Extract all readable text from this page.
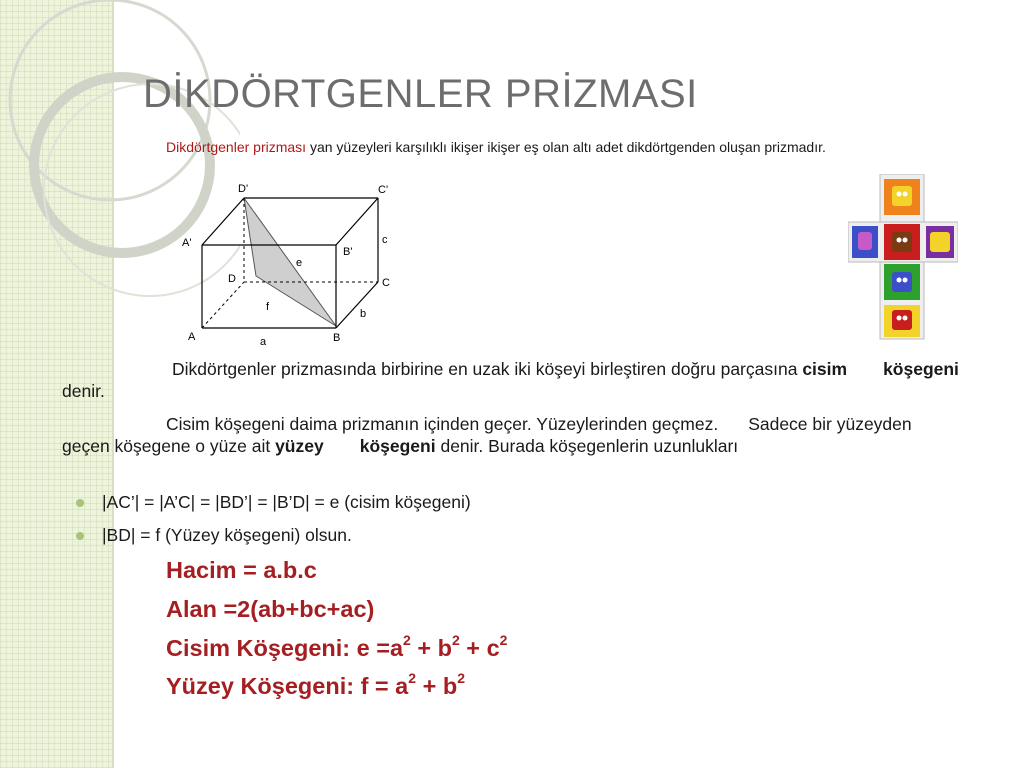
DİKDÖRTGENLER PRİZMASI
Dikdörtgenler prizması yan yüzeyleri karşılıklı ikişer ikişer eş olan altı adet dikdörtgenden oluşan prizmadır.
D'	C'
A'
B'
D	C
A	B
a
b
c
e
f
Dikdörtgenler prizmasında birbirine en uzak iki köşeyi birleştiren doğru parçasına cisim köşegeni denir.
Cisim köşegeni daima prizmanın içinden geçer. Yüzeylerinden geçmez. Sadece bir yüzeyden geçen köşegene o yüze ait yüzey köşegeni denir. Burada köşegenlerin uzunlukları
|AC’| = |A’C| = |BD’| = |B’D| = e (cisim köşegeni)
|BD| = f (Yüzey köşegeni) olsun.
Hacim = a.b.c
Alan =2(ab+bc+ac)
Cisim Köşegeni: $e =a^2 + b^2 + c^2$
Yüzey Köşegeni: $f = a^2 + b^2$
